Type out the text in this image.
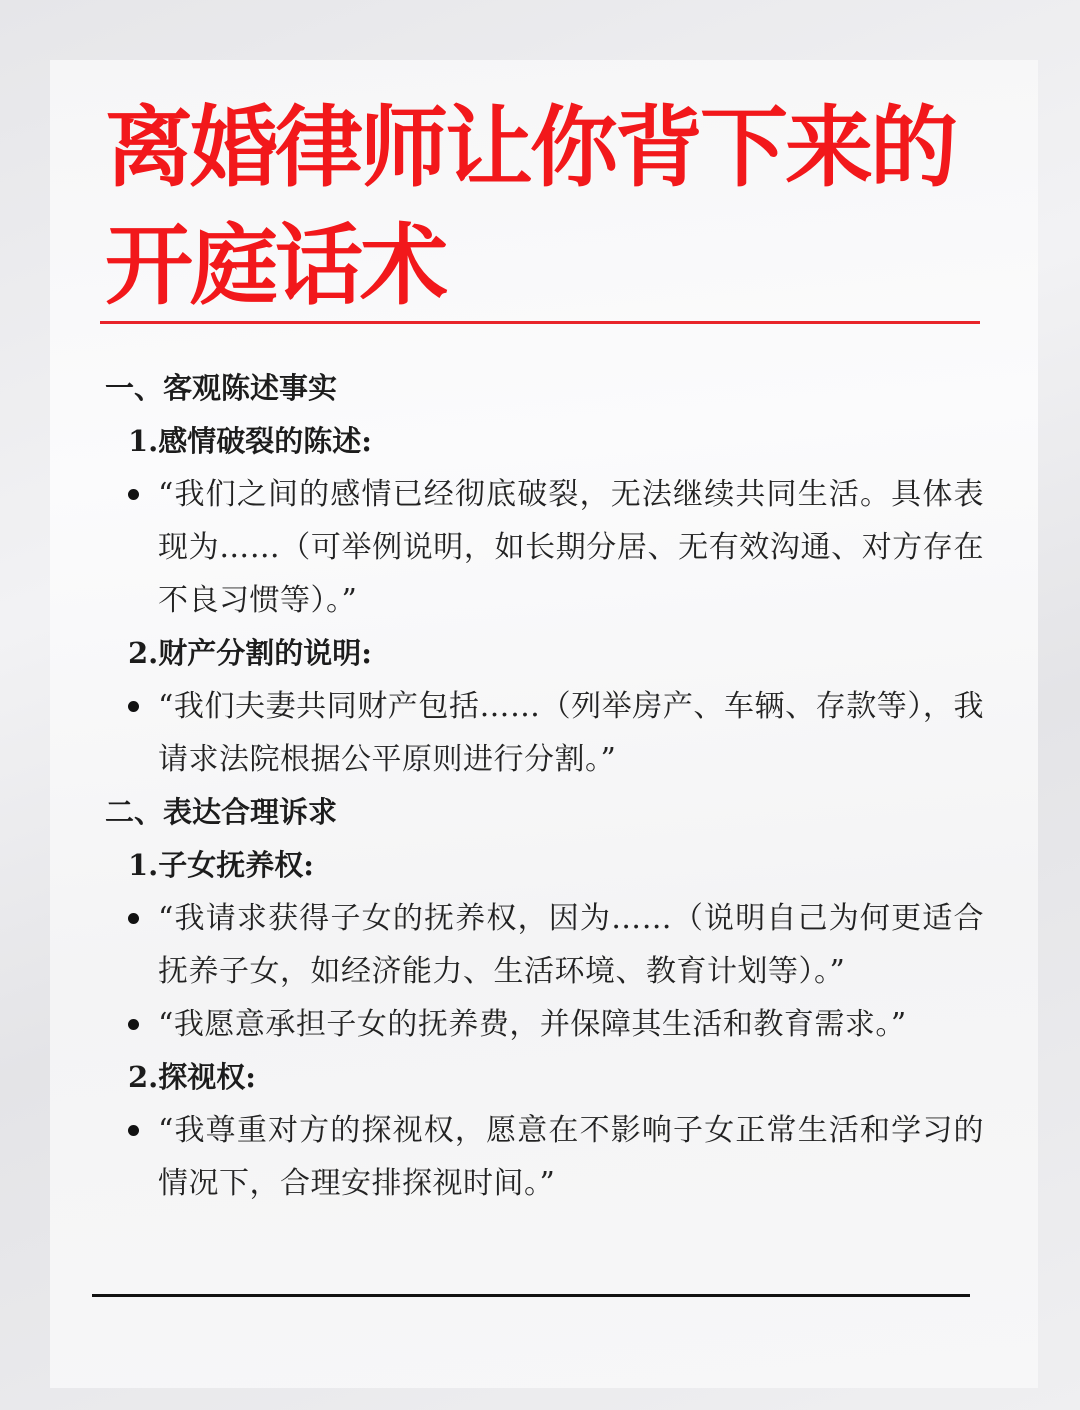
离婚律师让你背下来的
开庭话术
一、客观陈述事实
1.感情破裂的陈述:
“我们之间的感情已经彻底破裂，无法继续共同生活。具体表现为……（可举例说明，如长期分居、无有效沟通、对方存在不良习惯等）。”
2.财产分割的说明:
“我们夫妻共同财产包括……（列举房产、车辆、存款等），我请求法院根据公平原则进行分割。”
二、表达合理诉求
1.子女抚养权:
“我请求获得子女的抚养权，因为……（说明自己为何更适合抚养子女，如经济能力、生活环境、教育计划等）。”
“我愿意承担子女的抚养费，并保障其生活和教育需求。”
2.探视权:
“我尊重对方的探视权，愿意在不影响子女正常生活和学习的情况下，合理安排探视时间。”
